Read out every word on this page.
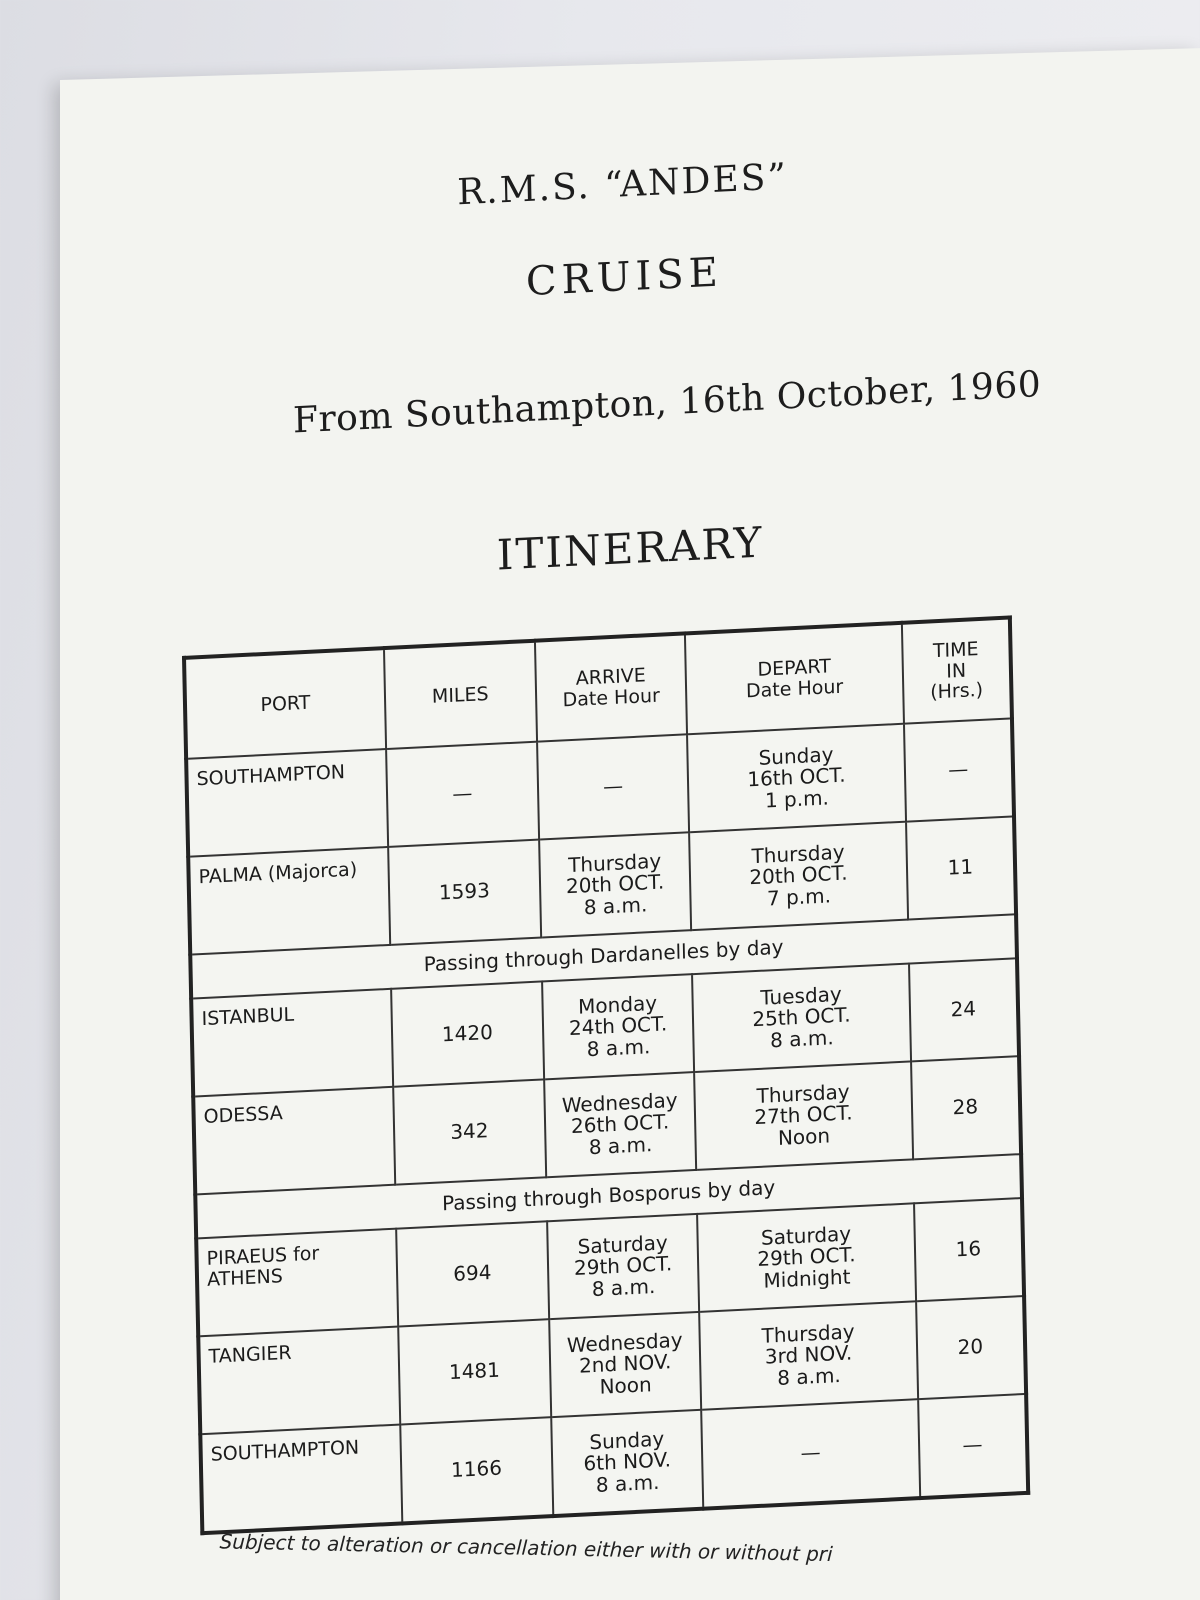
R.M.S. “ANDES”
CRUISE
From Southampton, 16th October, 1960
ITINERARY
PORT	MILES	ARRIVE
Date Hour	DEPART
Date Hour	TIME
IN
(Hrs.)

SOUTHAMPTON	—	—	Sunday
16th OCT.
1 p.m.	—
PALMA (Majorca)	1593	Thursday
20th OCT.
8 a.m.	Thursday
20th OCT.
7 p.m.	11
Passing through Dardanelles by day				
ISTANBUL	1420	Monday
24th OCT.
8 a.m.	Tuesday
25th OCT.
8 a.m.	24
ODESSA	342	Wednesday
26th OCT.
8 a.m.	Thursday
27th OCT.
Noon	28
Passing through Bosporus by day				
PIRAEUS for ATHENS	694	Saturday
29th OCT.
8 a.m.	Saturday
29th OCT.
Midnight	16
TANGIER	1481	Wednesday
2nd NOV.
Noon	Thursday
3rd NOV.
8 a.m.	20
SOUTHAMPTON	1166	Sunday
6th NOV.
8 a.m.	—	—
Subject to alteration or cancellation either with or without pri
